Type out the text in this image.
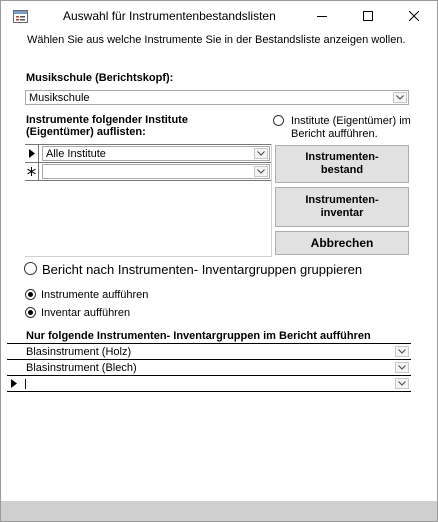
Auswahl für Instrumentenbestandslisten
Wählen Sie aus welche Instrumente Sie in der Bestandsliste anzeigen wollen.
Musikschule (Berichtskopf):
Musikschule
Instrumente folgender Institute
(Eigentümer) auflisten:
Alle Institute
Institute (Eigentümer) im
Bericht aufführen.
Instrumenten-
bestand
Instrumenten-
inventar
Abbrechen
Bericht nach Instrumenten- Inventargruppen gruppieren
Instrumente aufführen
Inventar aufführen
Nur folgende Instrumenten- Inventargruppen im Bericht aufführen
Blasinstrument (Holz)
Blasinstrument (Blech)
